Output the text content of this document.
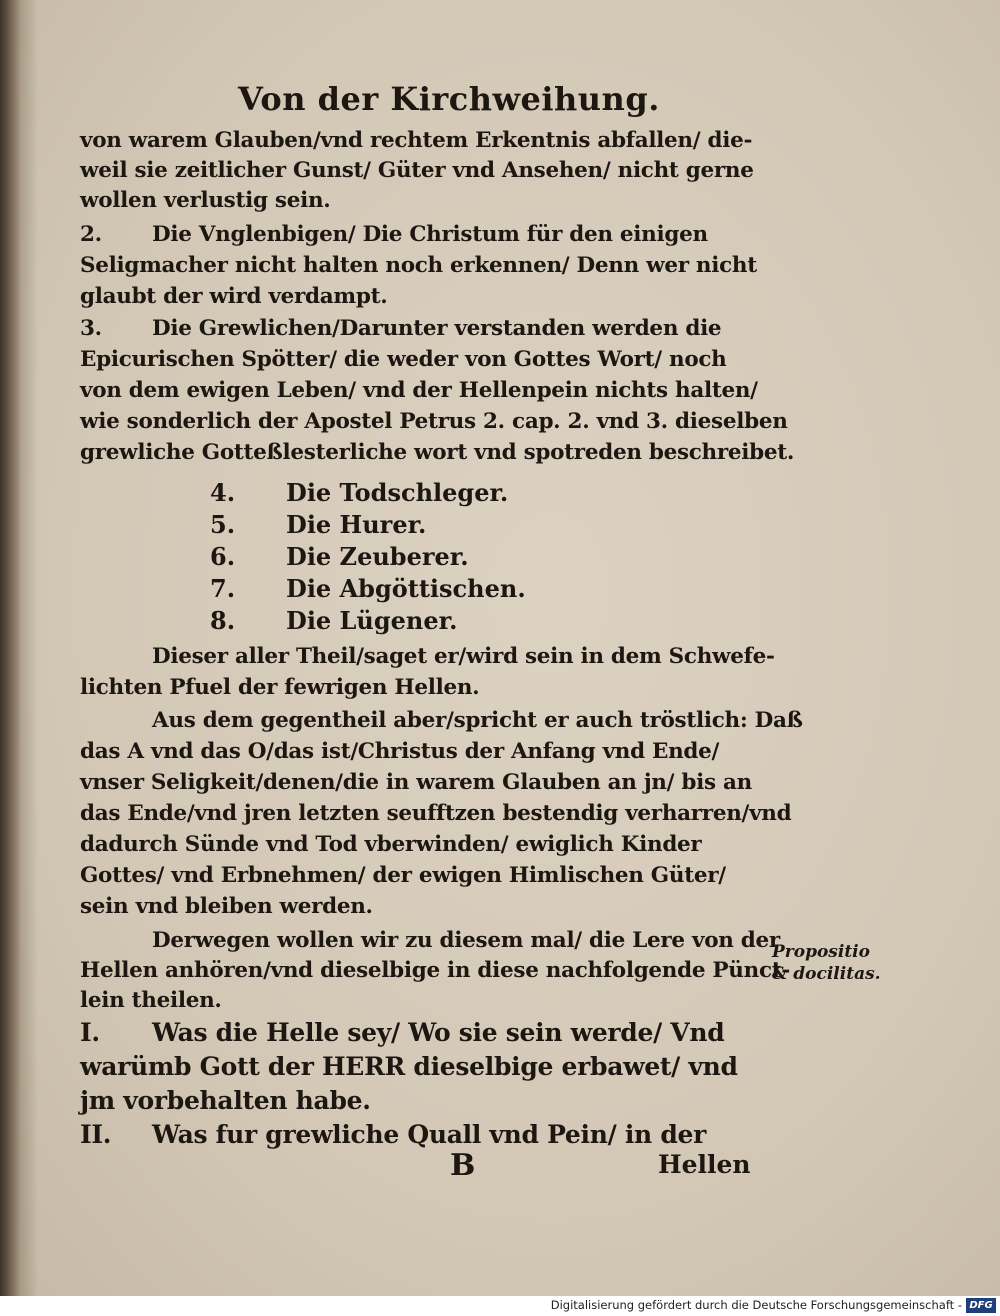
Von der Kirchweihung.
von warem Glauben/vnd rechtem Erkentnis abfallen/ die-
weil sie zeitlicher Gunst/ Güter vnd Ansehen/ nicht gerne
wollen verlustig sein.
2. Die Vnglenbigen/ Die Christum für den einigen
Seligmacher nicht halten noch erkennen/ Denn wer nicht
glaubt der wird verdampt.
3. Die Grewlichen/Darunter verstanden werden die
Epicurischen Spötter/ die weder von Gottes Wort/ noch
von dem ewigen Leben/ vnd der Hellenpein nichts halten/
wie sonderlich der Apostel Petrus 2. cap. 2. vnd 3. dieselben
grewliche Gotteßlesterliche wort vnd spotreden beschreibet.
4. Die Todschleger.
5. Die Hurer.
6. Die Zeuberer.
7. Die Abgöttischen.
8. Die Lügener.
Dieser aller Theil/saget er/wird sein in dem Schwefe-
lichten Pfuel der fewrigen Hellen.
Aus dem gegentheil aber/spricht er auch tröstlich: Daß
das A vnd das O/das ist/Christus der Anfang vnd Ende/
vnser Seligkeit/denen/die in warem Glauben an jn/ bis an
das Ende/vnd jren letzten seufftzen bestendig verharren/vnd
dadurch Sünde vnd Tod vberwinden/ ewiglich Kinder
Gottes/ vnd Erbnehmen/ der ewigen Himlischen Güter/
sein vnd bleiben werden.
Derwegen wollen wir zu diesem mal/ die Lere von der
Hellen anhören/vnd dieselbige in diese nachfolgende Pünct-
lein theilen.
Propositio
& docilitas.
I. Was die Helle sey/ Wo sie sein werde/ Vnd
warümb Gott der HERR dieselbige erbawet/ vnd
jm vorbehalten habe.
II. Was fur grewliche Quall vnd Pein/ in der
B	Hellen
Digitalisierung gefördert durch die Deutsche Forschungsgemeinschaft - DFG
